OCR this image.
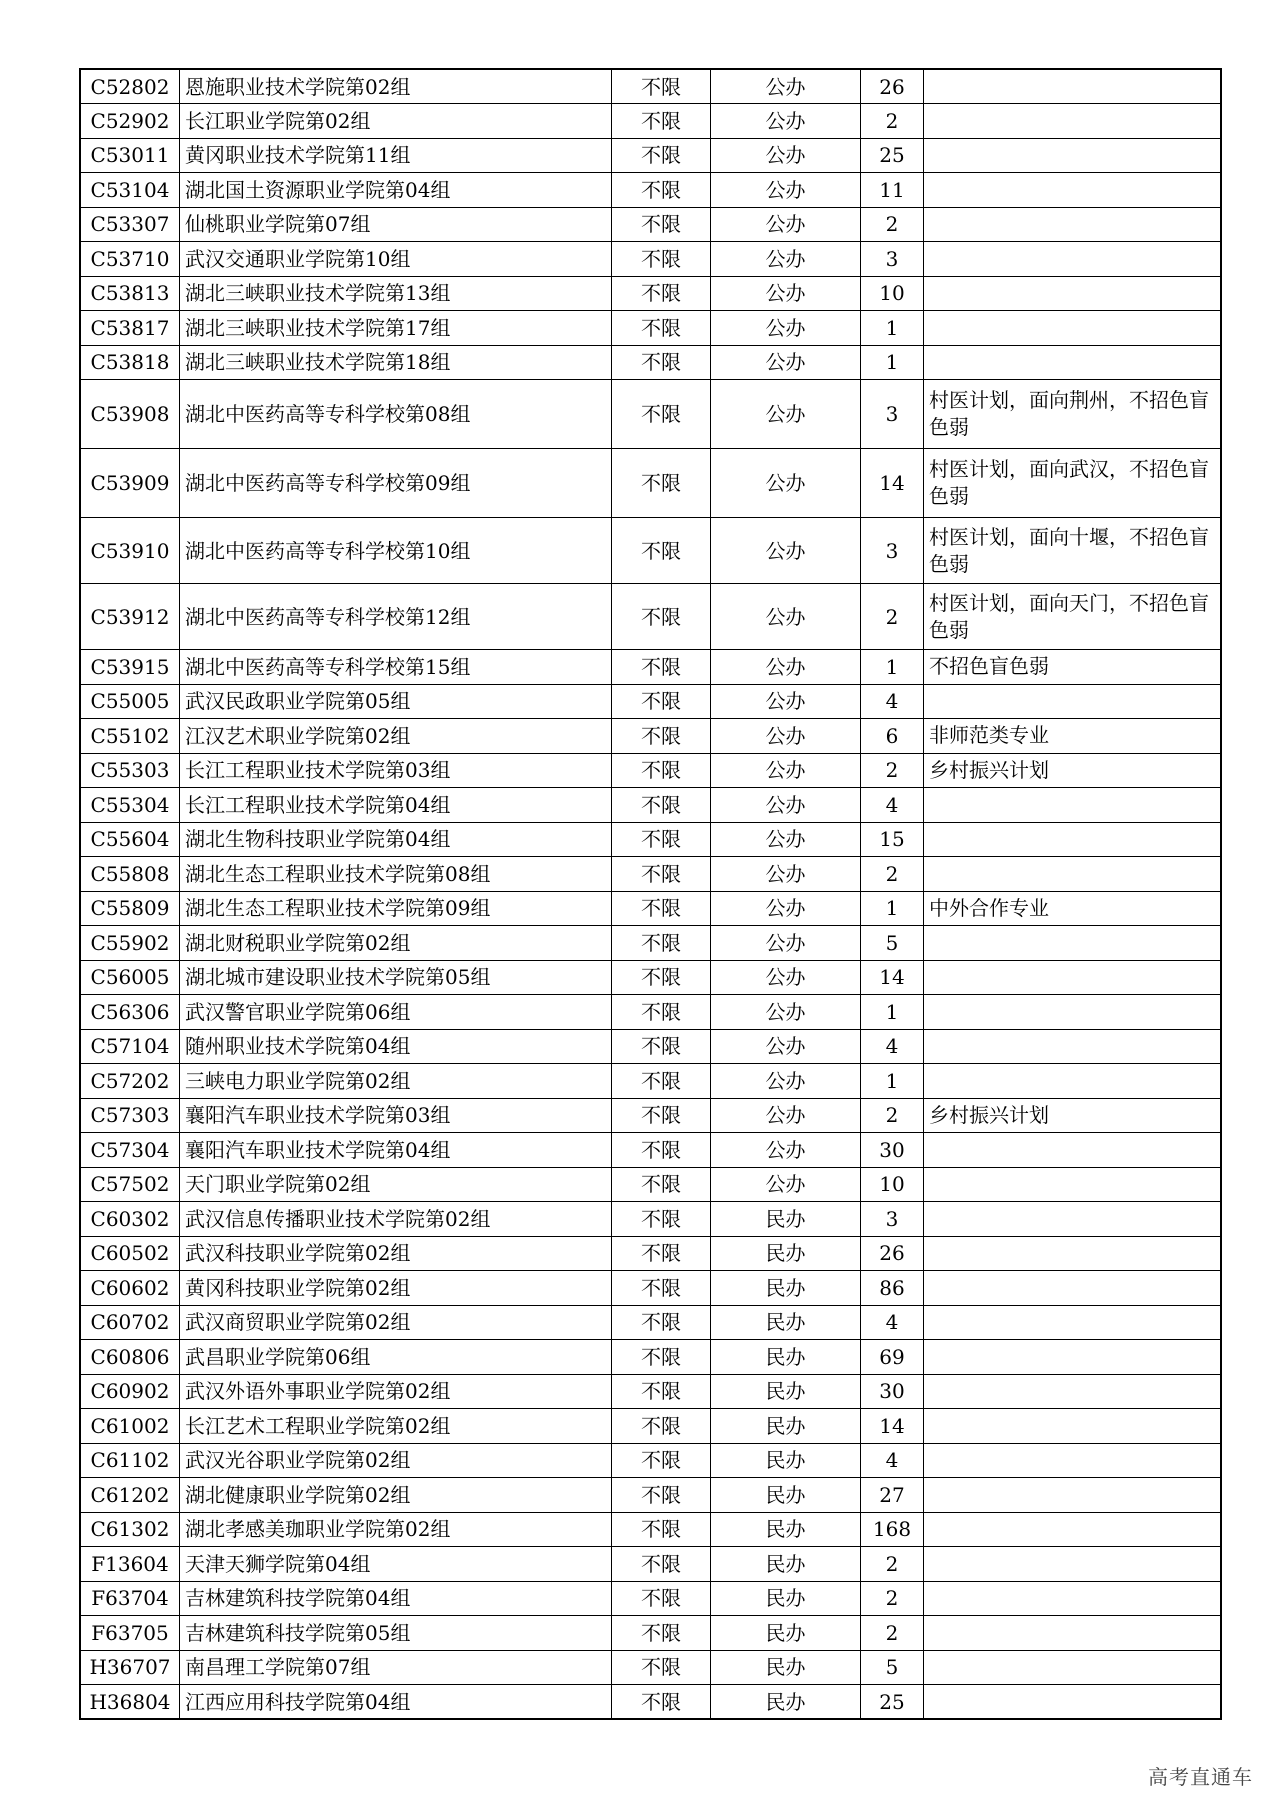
C52802	恩施职业技术学院第02组	不限	公办	26	
C52902	长江职业学院第02组	不限	公办	2	
C53011	黄冈职业技术学院第11组	不限	公办	25	
C53104	湖北国土资源职业学院第04组	不限	公办	11	
C53307	仙桃职业学院第07组	不限	公办	2	
C53710	武汉交通职业学院第10组	不限	公办	3	
C53813	湖北三峡职业技术学院第13组	不限	公办	10	
C53817	湖北三峡职业技术学院第17组	不限	公办	1	
C53818	湖北三峡职业技术学院第18组	不限	公办	1	
C53908	湖北中医药高等专科学校第08组	不限	公办	3	村医计划，面向荆州，不招色盲色弱
C53909	湖北中医药高等专科学校第09组	不限	公办	14	村医计划，面向武汉，不招色盲色弱
C53910	湖北中医药高等专科学校第10组	不限	公办	3	村医计划，面向十堰，不招色盲色弱
C53912	湖北中医药高等专科学校第12组	不限	公办	2	村医计划，面向天门，不招色盲色弱
C53915	湖北中医药高等专科学校第15组	不限	公办	1	不招色盲色弱
C55005	武汉民政职业学院第05组	不限	公办	4	
C55102	江汉艺术职业学院第02组	不限	公办	6	非师范类专业
C55303	长江工程职业技术学院第03组	不限	公办	2	乡村振兴计划
C55304	长江工程职业技术学院第04组	不限	公办	4	
C55604	湖北生物科技职业学院第04组	不限	公办	15	
C55808	湖北生态工程职业技术学院第08组	不限	公办	2	
C55809	湖北生态工程职业技术学院第09组	不限	公办	1	中外合作专业
C55902	湖北财税职业学院第02组	不限	公办	5	
C56005	湖北城市建设职业技术学院第05组	不限	公办	14	
C56306	武汉警官职业学院第06组	不限	公办	1	
C57104	随州职业技术学院第04组	不限	公办	4	
C57202	三峡电力职业学院第02组	不限	公办	1	
C57303	襄阳汽车职业技术学院第03组	不限	公办	2	乡村振兴计划
C57304	襄阳汽车职业技术学院第04组	不限	公办	30	
C57502	天门职业学院第02组	不限	公办	10	
C60302	武汉信息传播职业技术学院第02组	不限	民办	3	
C60502	武汉科技职业学院第02组	不限	民办	26	
C60602	黄冈科技职业学院第02组	不限	民办	86	
C60702	武汉商贸职业学院第02组	不限	民办	4	
C60806	武昌职业学院第06组	不限	民办	69	
C60902	武汉外语外事职业学院第02组	不限	民办	30	
C61002	长江艺术工程职业学院第02组	不限	民办	14	
C61102	武汉光谷职业学院第02组	不限	民办	4	
C61202	湖北健康职业学院第02组	不限	民办	27	
C61302	湖北孝感美珈职业学院第02组	不限	民办	168	
F13604	天津天狮学院第04组	不限	民办	2	
F63704	吉林建筑科技学院第04组	不限	民办	2	
F63705	吉林建筑科技学院第05组	不限	民办	2	
H36707	南昌理工学院第07组	不限	民办	5	
H36804	江西应用科技学院第04组	不限	民办	25	
高考直通车
